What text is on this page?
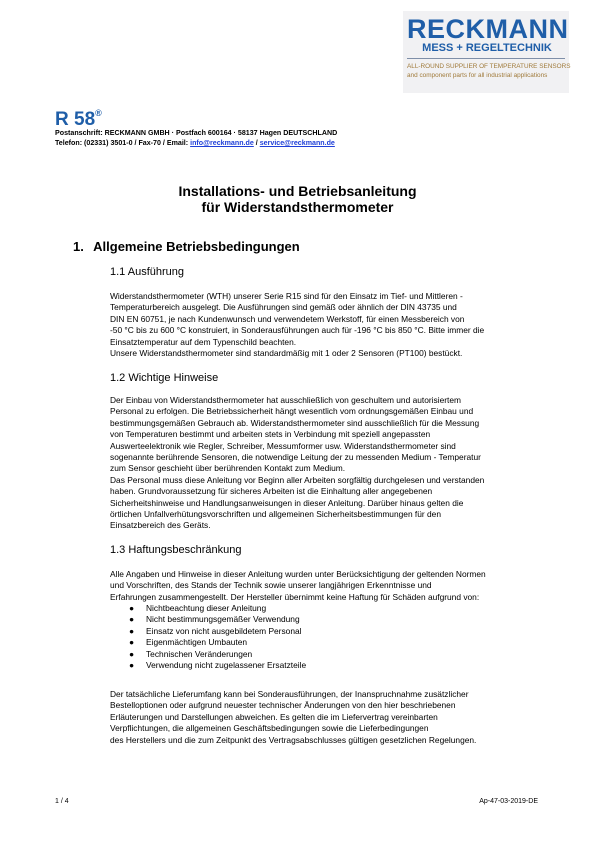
RECKMANN
MESS + REGELTECHNIK
ALL-ROUND SUPPLIER OF TEMPERATURE SENSORS
and component parts for all industrial applications
R 58®
Postanschrift: RECKMANN GMBH · Postfach 600164 · 58137 Hagen DEUTSCHLAND
Telefon: (02331) 3501-0 / Fax-70 / Email: info@reckmann.de / service@reckmann.de
Installations- und Betriebsanleitung
für Widerstandsthermometer
1. Allgemeine Betriebsbedingungen
1.1 Ausführung
Widerstandsthermometer (WTH) unserer Serie R15 sind für den Einsatz im Tief- und Mittleren -
Temperaturbereich ausgelegt. Die Ausführungen sind gemäß oder ähnlich der DIN 43735 und
DIN EN 60751, je nach Kundenwunsch und verwendetem Werkstoff, für einen Messbereich von
-50 °C bis zu 600 °C konstruiert, in Sonderausführungen auch für -196 °C bis 850 °C. Bitte immer die
Einsatztemperatur auf dem Typenschild beachten.
Unsere Widerstandsthermometer sind standardmäßig mit 1 oder 2 Sensoren (PT100) bestückt.
1.2 Wichtige Hinweise
Der Einbau von Widerstandsthermometer hat ausschließlich von geschultem und autorisiertem
Personal zu erfolgen. Die Betriebssicherheit hängt wesentlich vom ordnungsgemäßen Einbau und
bestimmungsgemäßen Gebrauch ab. Widerstandsthermometer sind ausschließlich für die Messung
von Temperaturen bestimmt und arbeiten stets in Verbindung mit speziell angepassten
Auswerteelektronik wie Regler, Schreiber, Messumformer usw. Widerstandsthermometer sind
sogenannte berührende Sensoren, die notwendige Leitung der zu messenden Medium - Temperatur
zum Sensor geschieht über berührenden Kontakt zum Medium.
Das Personal muss diese Anleitung vor Beginn aller Arbeiten sorgfältig durchgelesen und verstanden
haben. Grundvoraussetzung für sicheres Arbeiten ist die Einhaltung aller angegebenen
Sicherheitshinweise und Handlungsanweisungen in dieser Anleitung. Darüber hinaus gelten die
örtlichen Unfallverhütungsvorschriften und allgemeinen Sicherheitsbestimmungen für den
Einsatzbereich des Geräts.
1.3 Haftungsbeschränkung
Alle Angaben und Hinweise in dieser Anleitung wurden unter Berücksichtigung der geltenden Normen
und Vorschriften, des Stands der Technik sowie unserer langjährigen Erkenntnisse und
Erfahrungen zusammengestellt. Der Hersteller übernimmt keine Haftung für Schäden aufgrund von:
● Nichtbeachtung dieser Anleitung
● Nicht bestimmungsgemäßer Verwendung
● Einsatz von nicht ausgebildetem Personal
● Eigenmächtigen Umbauten
● Technischen Veränderungen
● Verwendung nicht zugelassener Ersatzteile
Der tatsächliche Lieferumfang kann bei Sonderausführungen, der Inanspruchnahme zusätzlicher
Bestelloptionen oder aufgrund neuester technischer Änderungen von den hier beschriebenen
Erläuterungen und Darstellungen abweichen. Es gelten die im Liefervertrag vereinbarten
Verpflichtungen, die allgemeinen Geschäftsbedingungen sowie die Lieferbedingungen
des Herstellers und die zum Zeitpunkt des Vertragsabschlusses gültigen gesetzlichen Regelungen.
1 / 4	Ap-47-03-2019-DE
